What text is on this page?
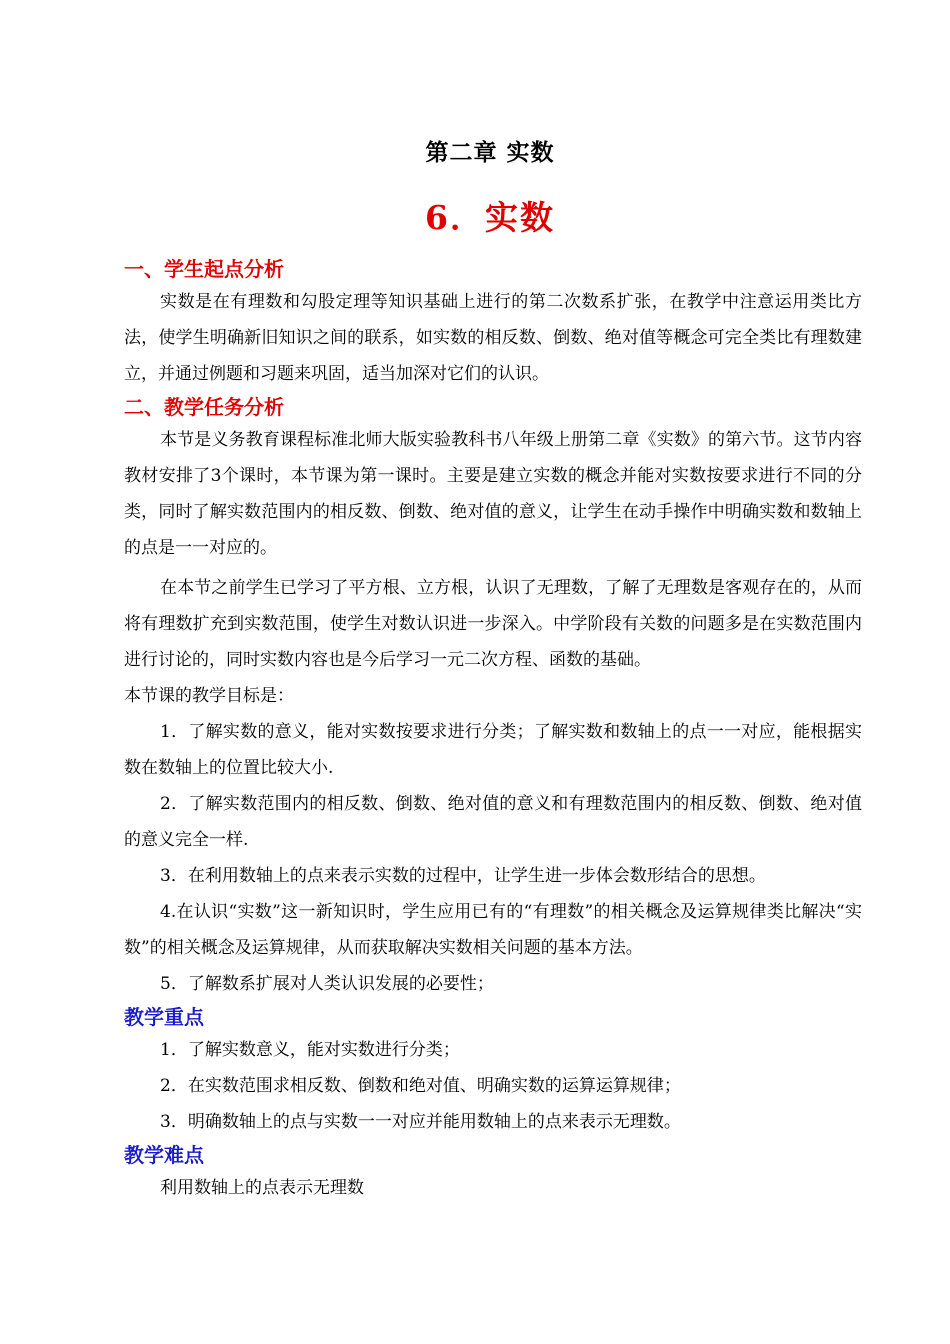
第二章 实数
6．实数

一、学生起点分析

实数是在有理数和勾股定理等知识基础上进行的第二次数系扩张，在教学中注意运用类比方法，使学生明确新旧知识之间的联系，如实数的相反数、倒数、绝对值等概念可完全类比有理数建立，并通过例题和习题来巩固，适当加深对它们的认识。

二、教学任务分析

本节是义务教育课程标准北师大版实验教科书八年级上册第二章《实数》的第六节。这节内容教材安排了3个课时，本节课为第一课时。主要是建立实数的概念并能对实数按要求进行不同的分类，同时了解实数范围内的相反数、倒数、绝对值的意义，让学生在动手操作中明确实数和数轴上的点是一一对应的。

在本节之前学生已学习了平方根、立方根，认识了无理数，了解了无理数是客观存在的，从而将有理数扩充到实数范围，使学生对数认识进一步深入。中学阶段有关数的问题多是在实数范围内进行讨论的，同时实数内容也是今后学习一元二次方程、函数的基础。

本节课的教学目标是：

1．了解实数的意义，能对实数按要求进行分类；了解实数和数轴上的点一一对应，能根据实数在数轴上的位置比较大小.

2．了解实数范围内的相反数、倒数、绝对值的意义和有理数范围内的相反数、倒数、绝对值的意义完全一样.

3．在利用数轴上的点来表示实数的过程中，让学生进一步体会数形结合的思想。

4.在认识“实数”这一新知识时，学生应用已有的“有理数”的相关概念及运算规律类比解决“实数”的相关概念及运算规律，从而获取解决实数相关问题的基本方法。

5．了解数系扩展对人类认识发展的必要性；

教学重点

1．了解实数意义，能对实数进行分类；

2．在实数范围求相反数、倒数和绝对值、明确实数的运算运算规律；

3．明确数轴上的点与实数一一对应并能用数轴上的点来表示无理数。

教学难点

利用数轴上的点表示无理数
